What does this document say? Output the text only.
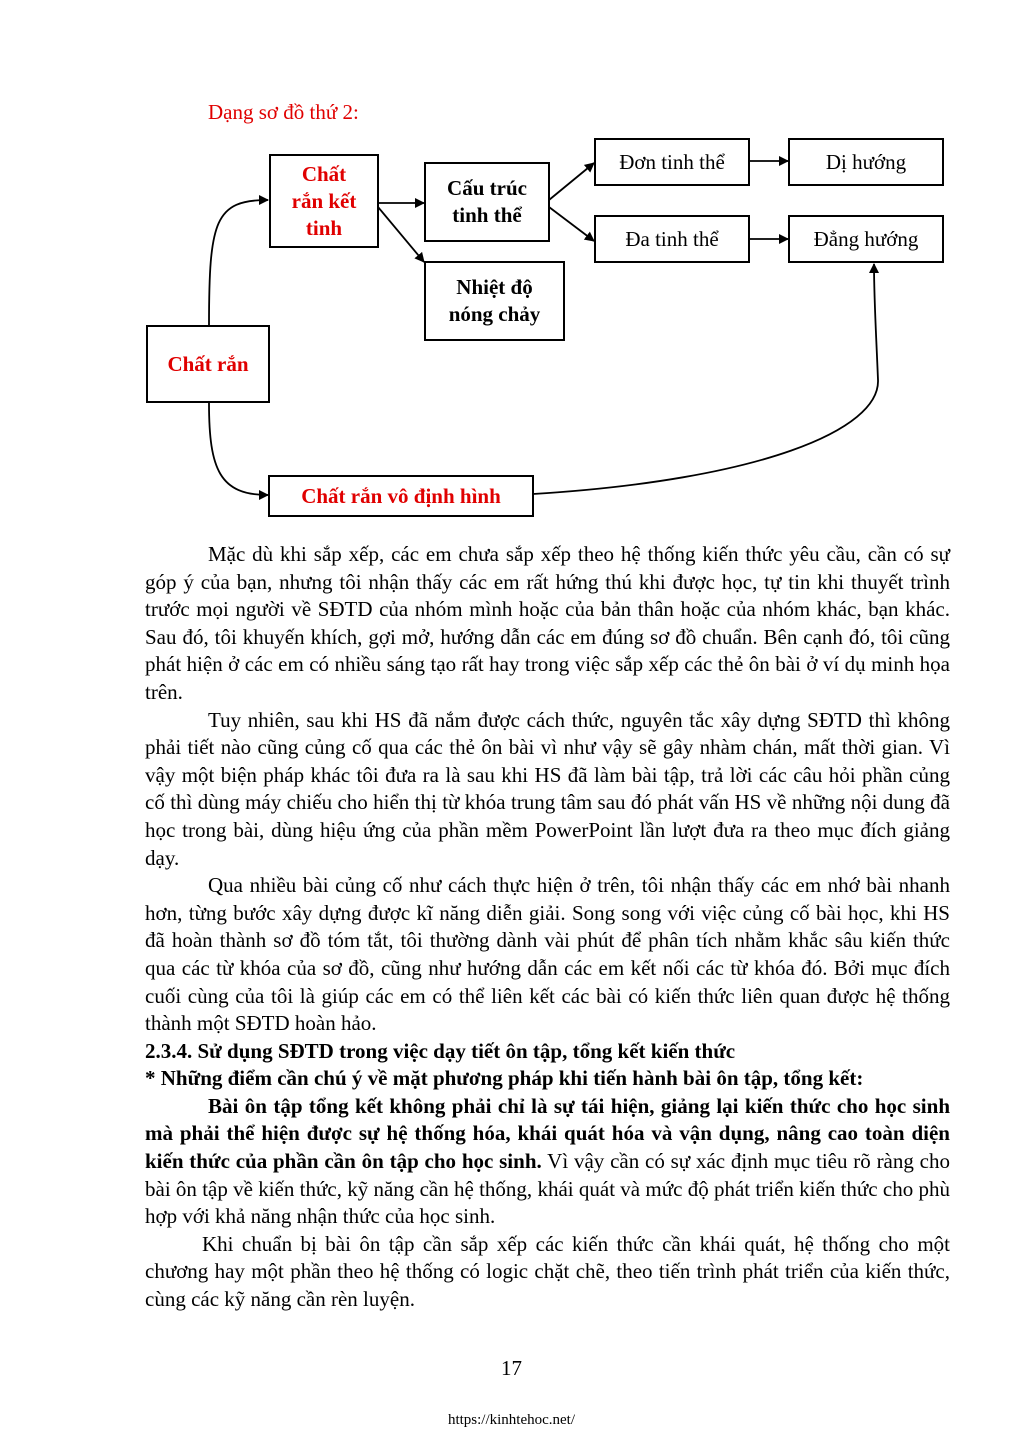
Dạng sơ đồ thứ 2:
Chất rắn
Chất
rắn kết
tinh
Cấu trúc
tinh thể
Nhiệt độ
nóng chảy
Đơn tinh thể
Đa tinh thể
Dị hướng
Đẳng hướng
Chất rắn vô định hình

Mặc dù khi sắp xếp, các em chưa sắp xếp theo hệ thống kiến thức yêu cầu, cần có sự góp ý của bạn, nhưng tôi nhận thấy các em rất hứng thú khi được học, tự tin khi thuyết trình trước mọi người về SĐTD của nhóm mình hoặc của bản thân hoặc của nhóm khác, bạn khác. Sau đó, tôi khuyến khích, gợi mở, hướng dẫn các em đúng sơ đồ chuẩn. Bên cạnh đó, tôi cũng phát hiện ở các em có nhiều sáng tạo rất hay trong việc sắp xếp các thẻ ôn bài ở ví dụ minh họa trên.

Tuy nhiên, sau khi HS đã nắm được cách thức, nguyên tắc xây dựng SĐTD thì không phải tiết nào cũng củng cố qua các thẻ ôn bài vì như vậy sẽ gây nhàm chán, mất thời gian. Vì vậy một biện pháp khác tôi đưa ra là sau khi HS đã làm bài tập, trả lời các câu hỏi phần củng cố thì dùng máy chiếu cho hiển thị từ khóa trung tâm sau đó phát vấn HS về những nội dung đã học trong bài, dùng hiệu ứng của phần mềm PowerPoint lần lượt đưa ra theo mục đích giảng dạy.

Qua nhiều bài củng cố như cách thực hiện ở trên, tôi nhận thấy các em nhớ bài nhanh hơn, từng bước xây dựng được kĩ năng diễn giải. Song song với việc củng cố bài học, khi HS đã hoàn thành sơ đồ tóm tắt, tôi thường dành vài phút để phân tích nhằm khắc sâu kiến thức qua các từ khóa của sơ đồ, cũng như hướng dẫn các em kết nối các từ khóa đó. Bởi mục đích cuối cùng của tôi là giúp các em có thể liên kết các bài có kiến thức liên quan được hệ thống thành một SĐTD hoàn hảo.

2.3.4. Sử dụng SĐTD trong việc dạy tiết ôn tập, tổng kết kiến thức

* Những điểm cần chú ý về mặt phương pháp khi tiến hành bài ôn tập, tổng kết:

Bài ôn tập tổng kết không phải chỉ là sự tái hiện, giảng lại kiến thức cho học sinh mà phải thể hiện được sự hệ thống hóa, khái quát hóa và vận dụng, nâng cao toàn diện kiến thức của phần cần ôn tập cho học sinh. Vì vậy cần có sự xác định mục tiêu rõ ràng cho bài ôn tập về kiến thức, kỹ năng cần hệ thống, khái quát và mức độ phát triển kiến thức cho phù hợp với khả năng nhận thức của học sinh.

Khi chuẩn bị bài ôn tập cần sắp xếp các kiến thức cần khái quát, hệ thống cho một chương hay một phần theo hệ thống có logic chặt chẽ, theo tiến trình phát triển của kiến thức, cùng các kỹ năng cần rèn luyện.

17
https://kinhtehoc.net/
